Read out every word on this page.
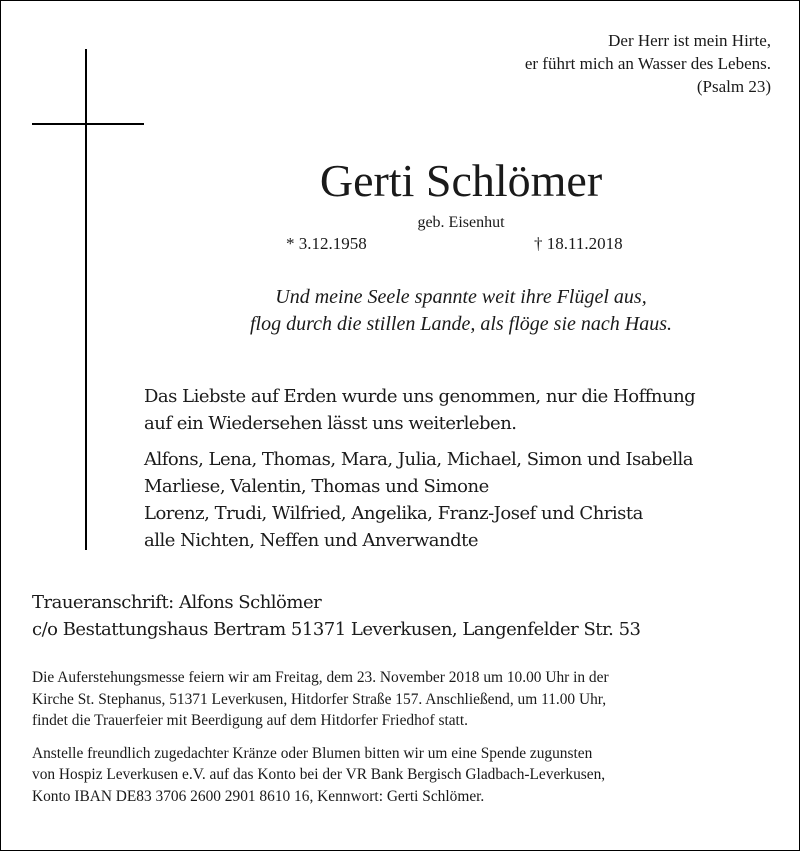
Der Herr ist mein Hirte,
er führt mich an Wasser des Lebens.
(Psalm 23)
Gerti Schlömer
geb. Eisenhut
* 3.12.1958	† 18.11.2018
Und meine Seele spannte weit ihre Flügel aus,
flog durch die stillen Lande, als flöge sie nach Haus.
Das Liebste auf Erden wurde uns genommen, nur die Hoffnung
auf ein Wiedersehen lässt uns weiterleben.
Alfons, Lena, Thomas, Mara, Julia, Michael, Simon und Isabella
Marliese, Valentin, Thomas und Simone
Lorenz, Trudi, Wilfried, Angelika, Franz-Josef und Christa
alle Nichten, Neffen und Anverwandte
Traueranschrift: Alfons Schlömer
c/o Bestattungshaus Bertram 51371 Leverkusen, Langenfelder Str. 53
Die Auferstehungsmesse feiern wir am Freitag, dem 23. November 2018 um 10.00 Uhr in der
Kirche St. Stephanus, 51371 Leverkusen, Hitdorfer Straße 157. Anschließend, um 11.00 Uhr,
findet die Trauerfeier mit Beerdigung auf dem Hitdorfer Friedhof statt.
Anstelle freundlich zugedachter Kränze oder Blumen bitten wir um eine Spende zugunsten
von Hospiz Leverkusen e.V. auf das Konto bei der VR Bank Bergisch Gladbach-Leverkusen,
Konto IBAN DE83 3706 2600 2901 8610 16, Kennwort: Gerti Schlömer.
